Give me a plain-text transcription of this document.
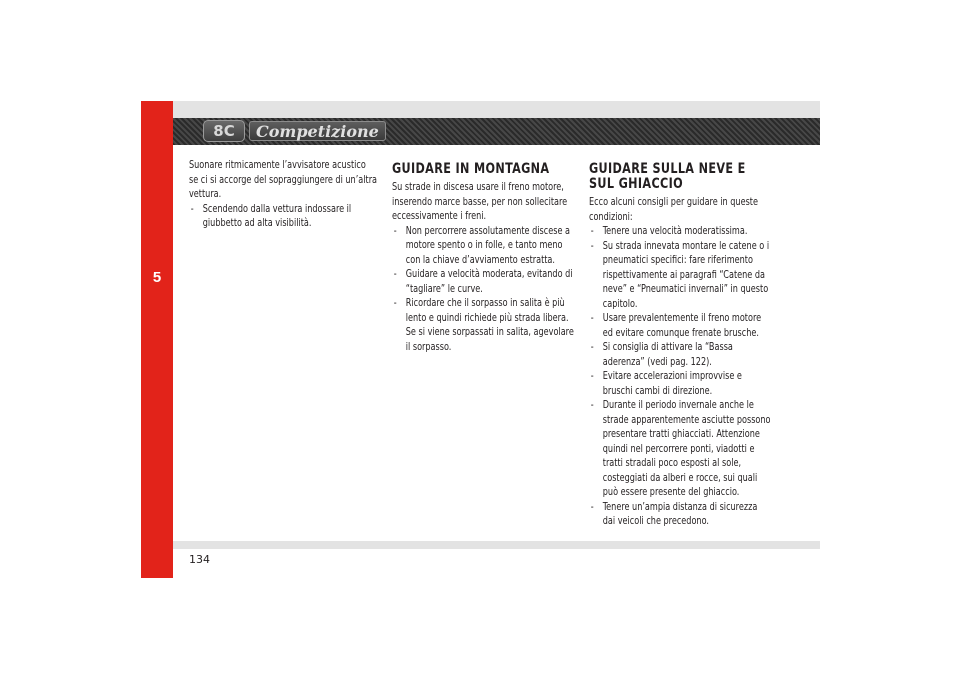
5
8C	Competizione

Suonare ritmicamente l’avvisatore acustico se ci si accorge del sopraggiungere di un’altra vettura.

- Scendendo dalla vettura indossare il giubbetto ad alta visibilità.
GUIDARE IN MONTAGNA

Su strade in discesa usare il freno motore, inserendo marce basse, per non sollecitare eccessivamente i freni.

- Non percorrere assolutamente discese a motore spento o in folle, e tanto meno con la chiave d’avviamento estratta.
- Guidare a velocità moderata, evitando di “tagliare” le curve.
- Ricordare che il sorpasso in salita è più lento e quindi richiede più strada libera. Se si viene sorpassati in salita, agevolare il sorpasso.
GUIDARE SULLA NEVE E SUL GHIACCIO

Ecco alcuni consigli per guidare in queste condizioni:

- Tenere una velocità moderatissima.
- Su strada innevata montare le catene o i pneumatici specifici: fare riferimento rispettivamente ai paragrafi “Catene da neve” e “Pneumatici invernali” in questo capitolo.
- Usare prevalentemente il freno motore ed evitare comunque frenate brusche.
- Si consiglia di attivare la “Bassa aderenza” (vedi pag. 122).
- Evitare accelerazioni improvvise e bruschi cambi di direzione.
- Durante il periodo invernale anche le strade apparentemente asciutte possono presentare tratti ghiacciati. Attenzione quindi nel percorrere ponti, viadotti e tratti stradali poco esposti al sole, costeggiati da alberi e rocce, sui quali può essere presente del ghiaccio.
- Tenere un’ampia distanza di sicurezza dai veicoli che precedono.
134
